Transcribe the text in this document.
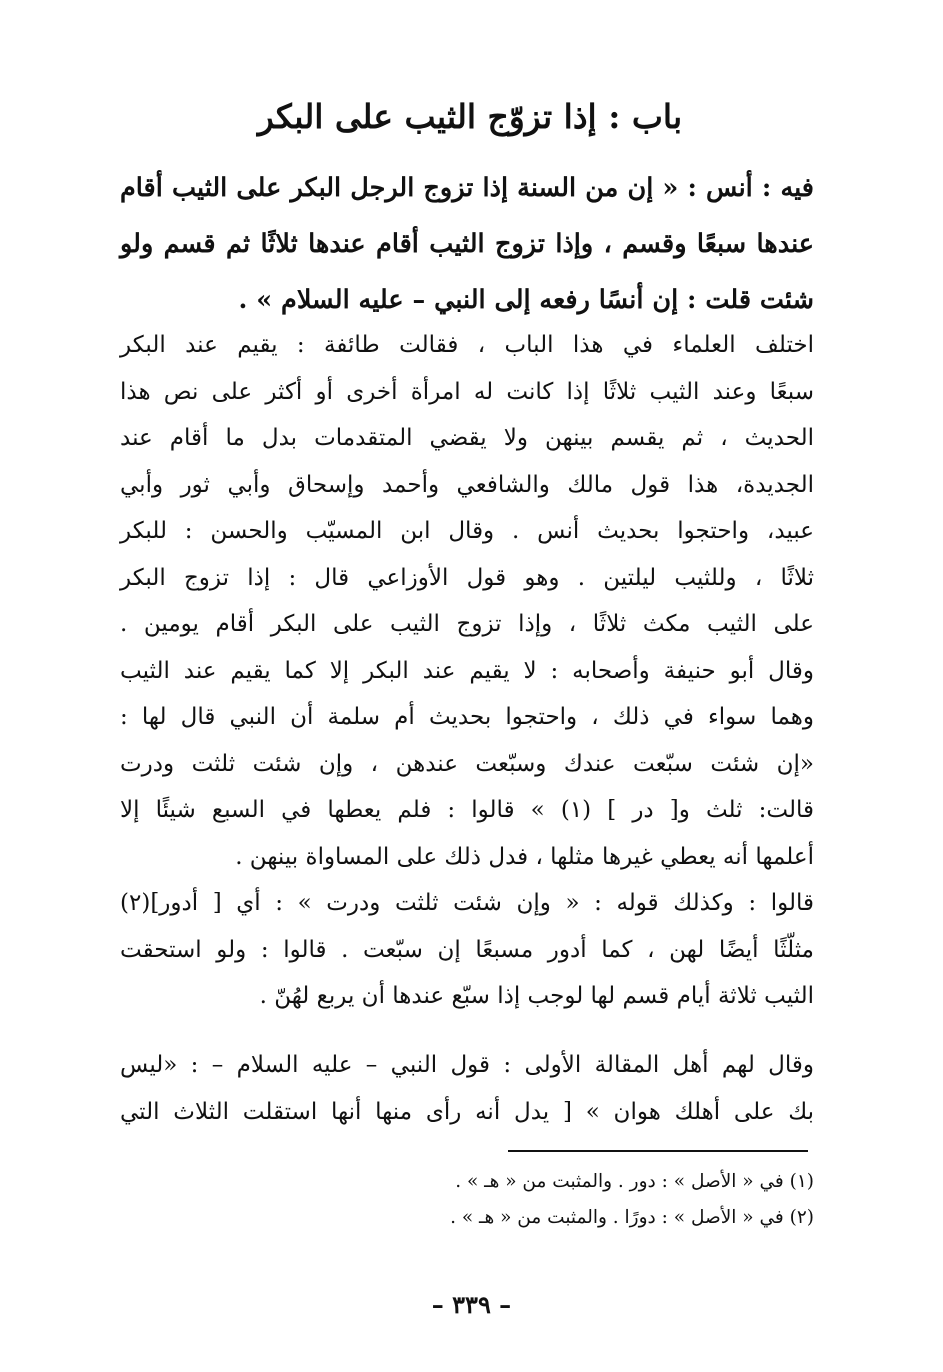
باب : إذا تزوّج الثيب على البكر
فيه : أنس : « إن من السنة إذا تزوج الرجل البكر على الثيب أقام
عندها سبعًا وقسم ، وإذا تزوج الثيب أقام عندها ثلاثًا ثم قسم ولو
شئت قلت : إن أنسًا رفعه إلى النبي – عليه السلام » .
اختلف العلماء في هذا الباب ، فقالت طائفة : يقيم عند البكر
سبعًا وعند الثيب ثلاثًا إذا كانت له امرأة أخرى أو أكثر على نص هذا
الحديث ، ثم يقسم بينهن ولا يقضي المتقدمات بدل ما أقام عند
الجديدة، هذا قول مالك والشافعي وأحمد وإسحاق وأبي ثور وأبي
عبيد، واحتجوا بحديث أنس . وقال ابن المسيّب والحسن : للبكر
ثلاثًا ، وللثيب ليلتين . وهو قول الأوزاعي قال : إذا تزوج البكر
على الثيب مكث ثلاثًا ، وإذا تزوج الثيب على البكر أقام يومين .
وقال أبو حنيفة وأصحابه : لا يقيم عند البكر إلا كما يقيم عند الثيب
وهما سواء في ذلك ، واحتجوا بحديث أم سلمة أن النبي قال لها :
«إن شئت سبّعت عندك وسبّعت عندهن ، وإن شئت ثلثت ودرت
قالت: ثلث و[ در ] (١) » قالوا : فلم يعطها في السبع شيئًا إلا
أعلمها أنه يعطي غيرها مثلها ، فدل ذلك على المساواة بينهن .
قالوا : وكذلك قوله : « وإن شئت ثلثت ودرت » : أي [ أدور](٢)
مثلّثًا أيضًا لهن ، كما أدور مسبعًا إن سبّعت . قالوا : ولو استحقت
الثيب ثلاثة أيام قسم لها لوجب إذا سبّع عندها أن يربع لهُنّ .
وقال لهم أهل المقالة الأولى : قول النبي – عليه السلام – : «ليس
بك على أهلك هوان » [ يدل أنه رأى منها أنها استقلت الثلاث التي
(١) في « الأصل » : دور . والمثبت من « هـ » .
(٢) في « الأصل » : دورًا . والمثبت من « هـ » .
– ٣٣٩ –
